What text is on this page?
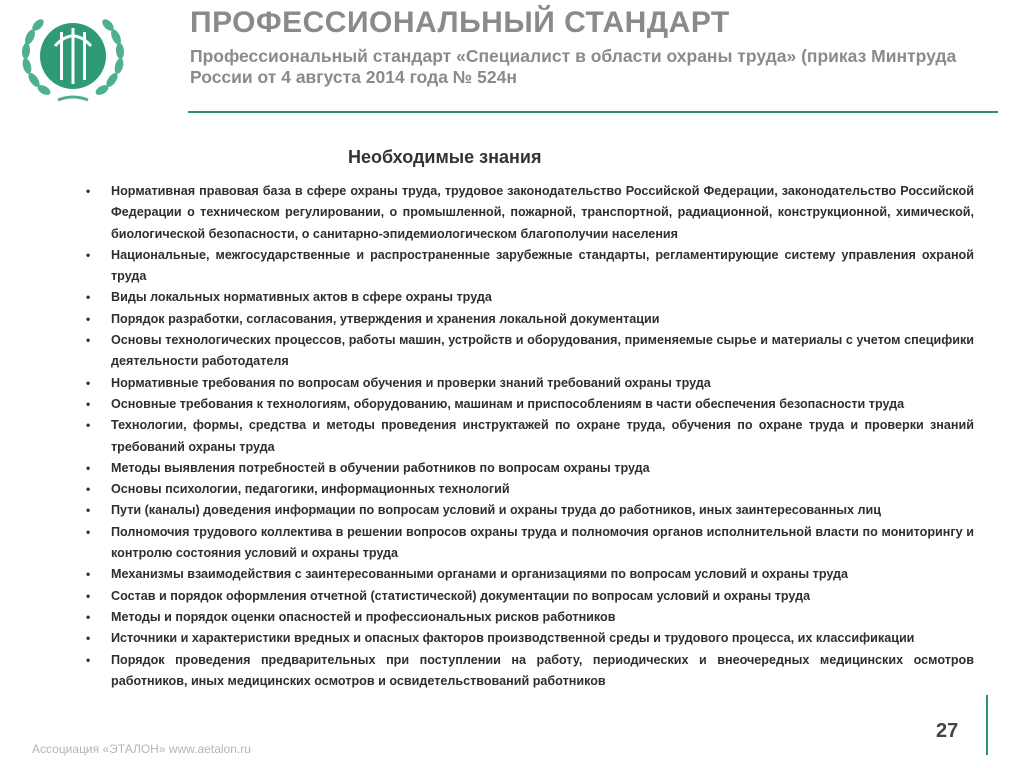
ПРОФЕССИОНАЛЬНЫЙ СТАНДАРТ
Профессиональный стандарт «Специалист в области охраны труда» (приказ Минтруда России от 4 августа 2014 года № 524н
Необходимые знания
• Нормативная правовая база в сфере охраны труда, трудовое законодательство Российской Федерации, законодательство Российской Федерации о техническом регулировании, о промышленной, пожарной, транспортной, радиационной, конструкционной, химической, биологической безопасности, о санитарно-эпидемиологическом благополучии населения
• Национальные, межгосударственные и распространенные зарубежные стандарты, регламентирующие систему управления охраной труда
• Виды локальных нормативных актов в сфере охраны труда
• Порядок разработки, согласования, утверждения и хранения локальной документации
• Основы технологических процессов, работы машин, устройств и оборудования, применяемые сырье и материалы с учетом специфики деятельности работодателя
• Нормативные требования по вопросам обучения и проверки знаний требований охраны труда
• Основные требования к технологиям, оборудованию, машинам и приспособлениям в части обеспечения безопасности труда
• Технологии, формы, средства и методы проведения инструктажей по охране труда, обучения по охране труда и проверки знаний требований охраны труда
• Методы выявления потребностей в обучении работников по вопросам охраны труда
• Основы психологии, педагогики, информационных технологий
• Пути (каналы) доведения информации по вопросам условий и охраны труда до работников, иных заинтересованных лиц
• Полномочия трудового коллектива в решении вопросов охраны труда и полномочия органов исполнительной власти по мониторингу и контролю состояния условий и охраны труда
• Механизмы взаимодействия с заинтересованными органами и организациями по вопросам условий и охраны труда
• Состав и порядок оформления отчетной (статистической) документации по вопросам условий и охраны труда
• Методы и порядок оценки опасностей и профессиональных рисков работников
• Источники и характеристики вредных и опасных факторов производственной среды и трудового процесса, их классификации
• Порядок проведения предварительных при поступлении на работу, периодических и внеочередных медицинских осмотров работников, иных медицинских осмотров и освидетельствований работников
Ассоциация «ЭТАЛОН» www.aetalon.ru
27
